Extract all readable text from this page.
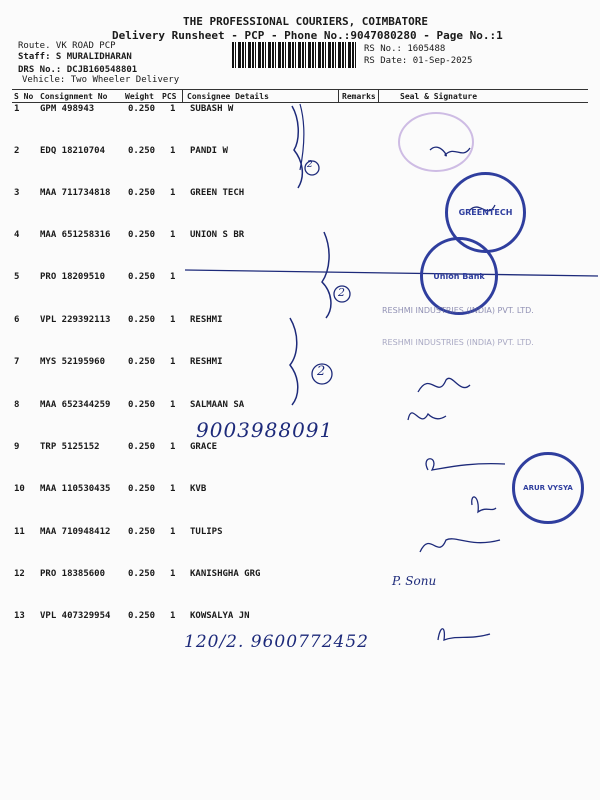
THE PROFESSIONAL COURIERS, COIMBATORE
Delivery Runsheet - PCP - Phone No.:9047080280 - Page No.:1
Route. VK ROAD PCP
Staff: S MURALIDHARAN
DRS No.: DCJB160548801
Vehicle: Two Wheeler Delivery
RS No.: 1605488
RS Date: 01-Sep-2025
S No Consignment No Weight PCS Consignee Details	Remarks	Seal & Signature
1 GPM 498943	0.250 1 SUBASH W
2 EDQ 18210704	0.250 1 PANDI W
3 MAA 711734818 0.250 1 GREEN TECH
4 MAA 651258316 0.250 1 UNION S BR
5 PRO 18209510	0.250 1
6 VPL 229392113 0.250 1 RESHMI
7 MYS 52195960	0.250 1 RESHMI
8 MAA 652344259 0.250 1 SALMAAN SA
9 TRP 5125152	0.250 1 GRACE
10 MAA 110530435 0.250 1 KVB
11 MAA 710948412 0.250 1 TULIPS
12 PRO 18385600	0.250 1 KANISHGHA GRG
13 VPL 407329954 0.250 1 KOWSALYA JN
2
2
2
9003988091
120/2. 9600772452
P. Sonu
GREENTECH
Union Bank
RESHMI INDUSTRIES (INDIA) PVT. LTD.
RESHMI INDUSTRIES (INDIA) PVT. LTD.
ARUR VYSYA
